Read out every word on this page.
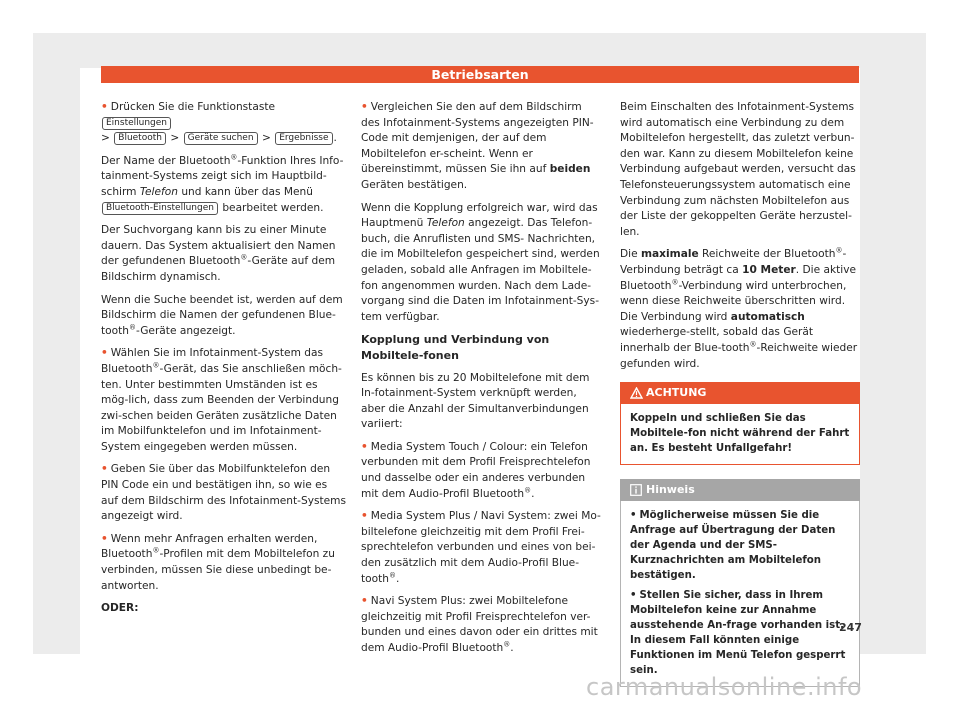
Betriebsarten

• Drücken Sie die Funktionstaste Einstellungen
> Bluetooth > Geräte suchen > Ergebnisse .

Der Name der Bluetooth®-Funktion Ihres Info-tainment-Systems zeigt sich im Hauptbild-schirm Telefon und kann über das Menü Bluetooth-Einstellungen bearbeitet werden.

Der Suchvorgang kann bis zu einer Minute dauern. Das System aktualisiert den Namen der gefundenen Bluetooth®-Geräte auf dem Bildschirm dynamisch.

Wenn die Suche beendet ist, werden auf dem Bildschirm die Namen der gefundenen Blue-tooth®-Geräte angezeigt.

• Wählen Sie im Infotainment-System das Bluetooth®-Gerät, das Sie anschließen möch-ten. Unter bestimmten Umständen ist es mög-lich, dass zum Beenden der Verbindung zwi-schen beiden Geräten zusätzliche Daten im Mobilfunktelefon und im Infotainment-System eingegeben werden müssen.

• Geben Sie über das Mobilfunktelefon den PIN Code ein und bestätigen ihn, so wie es auf dem Bildschirm des Infotainment-Systems angezeigt wird.

• Wenn mehr Anfragen erhalten werden, Bluetooth®-Profilen mit dem Mobiltelefon zu verbinden, müssen Sie diese unbedingt be-antworten.

ODER:

• Vergleichen Sie den auf dem Bildschirm des Infotainment-Systems angezeigten PIN-Code mit demjenigen, der auf dem Mobiltelefon er-scheint. Wenn er übereinstimmt, müssen Sie ihn auf beiden Geräten bestätigen.

Wenn die Kopplung erfolgreich war, wird das Hauptmenü Telefon angezeigt. Das Telefon-buch, die Anruflisten und SMS- Nachrichten, die im Mobiltelefon gespeichert sind, werden geladen, sobald alle Anfragen im Mobiltele-fon angenommen wurden. Nach dem Lade-vorgang sind die Daten im Infotainment-Sys-tem verfügbar.

Kopplung und Verbindung von Mobiltele-fonen

Es können bis zu 20 Mobiltelefone mit dem In-fotainment-System verknüpft werden, aber die Anzahl der Simultanverbindungen variiert:

• Media System Touch / Colour: ein Telefon verbunden mit dem Profil Freisprechtelefon und dasselbe oder ein anderes verbunden mit dem Audio-Profil Bluetooth®.

• Media System Plus / Navi System: zwei Mo-biltelefone gleichzeitig mit dem Profil Frei-sprechtelefon verbunden und eines von bei-den zusätzlich mit dem Audio-Profil Blue-tooth®.

• Navi System Plus: zwei Mobiltelefone gleichzeitig mit Profil Freisprechtelefon ver-bunden und eines davon oder ein drittes mit dem Audio-Profil Bluetooth®.

Beim Einschalten des Infotainment-Systems wird automatisch eine Verbindung zu dem Mobiltelefon hergestellt, das zuletzt verbun-den war. Kann zu diesem Mobiltelefon keine Verbindung aufgebaut werden, versucht das Telefonsteuerungssystem automatisch eine Verbindung zum nächsten Mobiltelefon aus der Liste der gekoppelten Geräte herzustel-len.

Die maximale Reichweite der Bluetooth®-Verbindung beträgt ca 10 Meter. Die aktive Bluetooth®-Verbindung wird unterbrochen, wenn diese Reichweite überschritten wird. Die Verbindung wird automatisch wiederherge-stellt, sobald das Gerät innerhalb der Blue-tooth®-Reichweite wieder gefunden wird.

ACHTUNG
Koppeln und schließen Sie das Mobiltele-fon nicht während der Fahrt an. Es besteht Unfallgefahr!
Hinweis

• Möglicherweise müssen Sie die Anfrage auf Übertragung der Daten der Agenda und der SMS-Kurznachrichten am Mobiltelefon bestätigen.

• Stellen Sie sicher, dass in Ihrem Mobiltelefon keine zur Annahme ausstehende An-frage vorhanden ist. In diesem Fall könnten einige Funktionen im Menü Telefon gesperrt sein.

247
carmanualsonline.info
